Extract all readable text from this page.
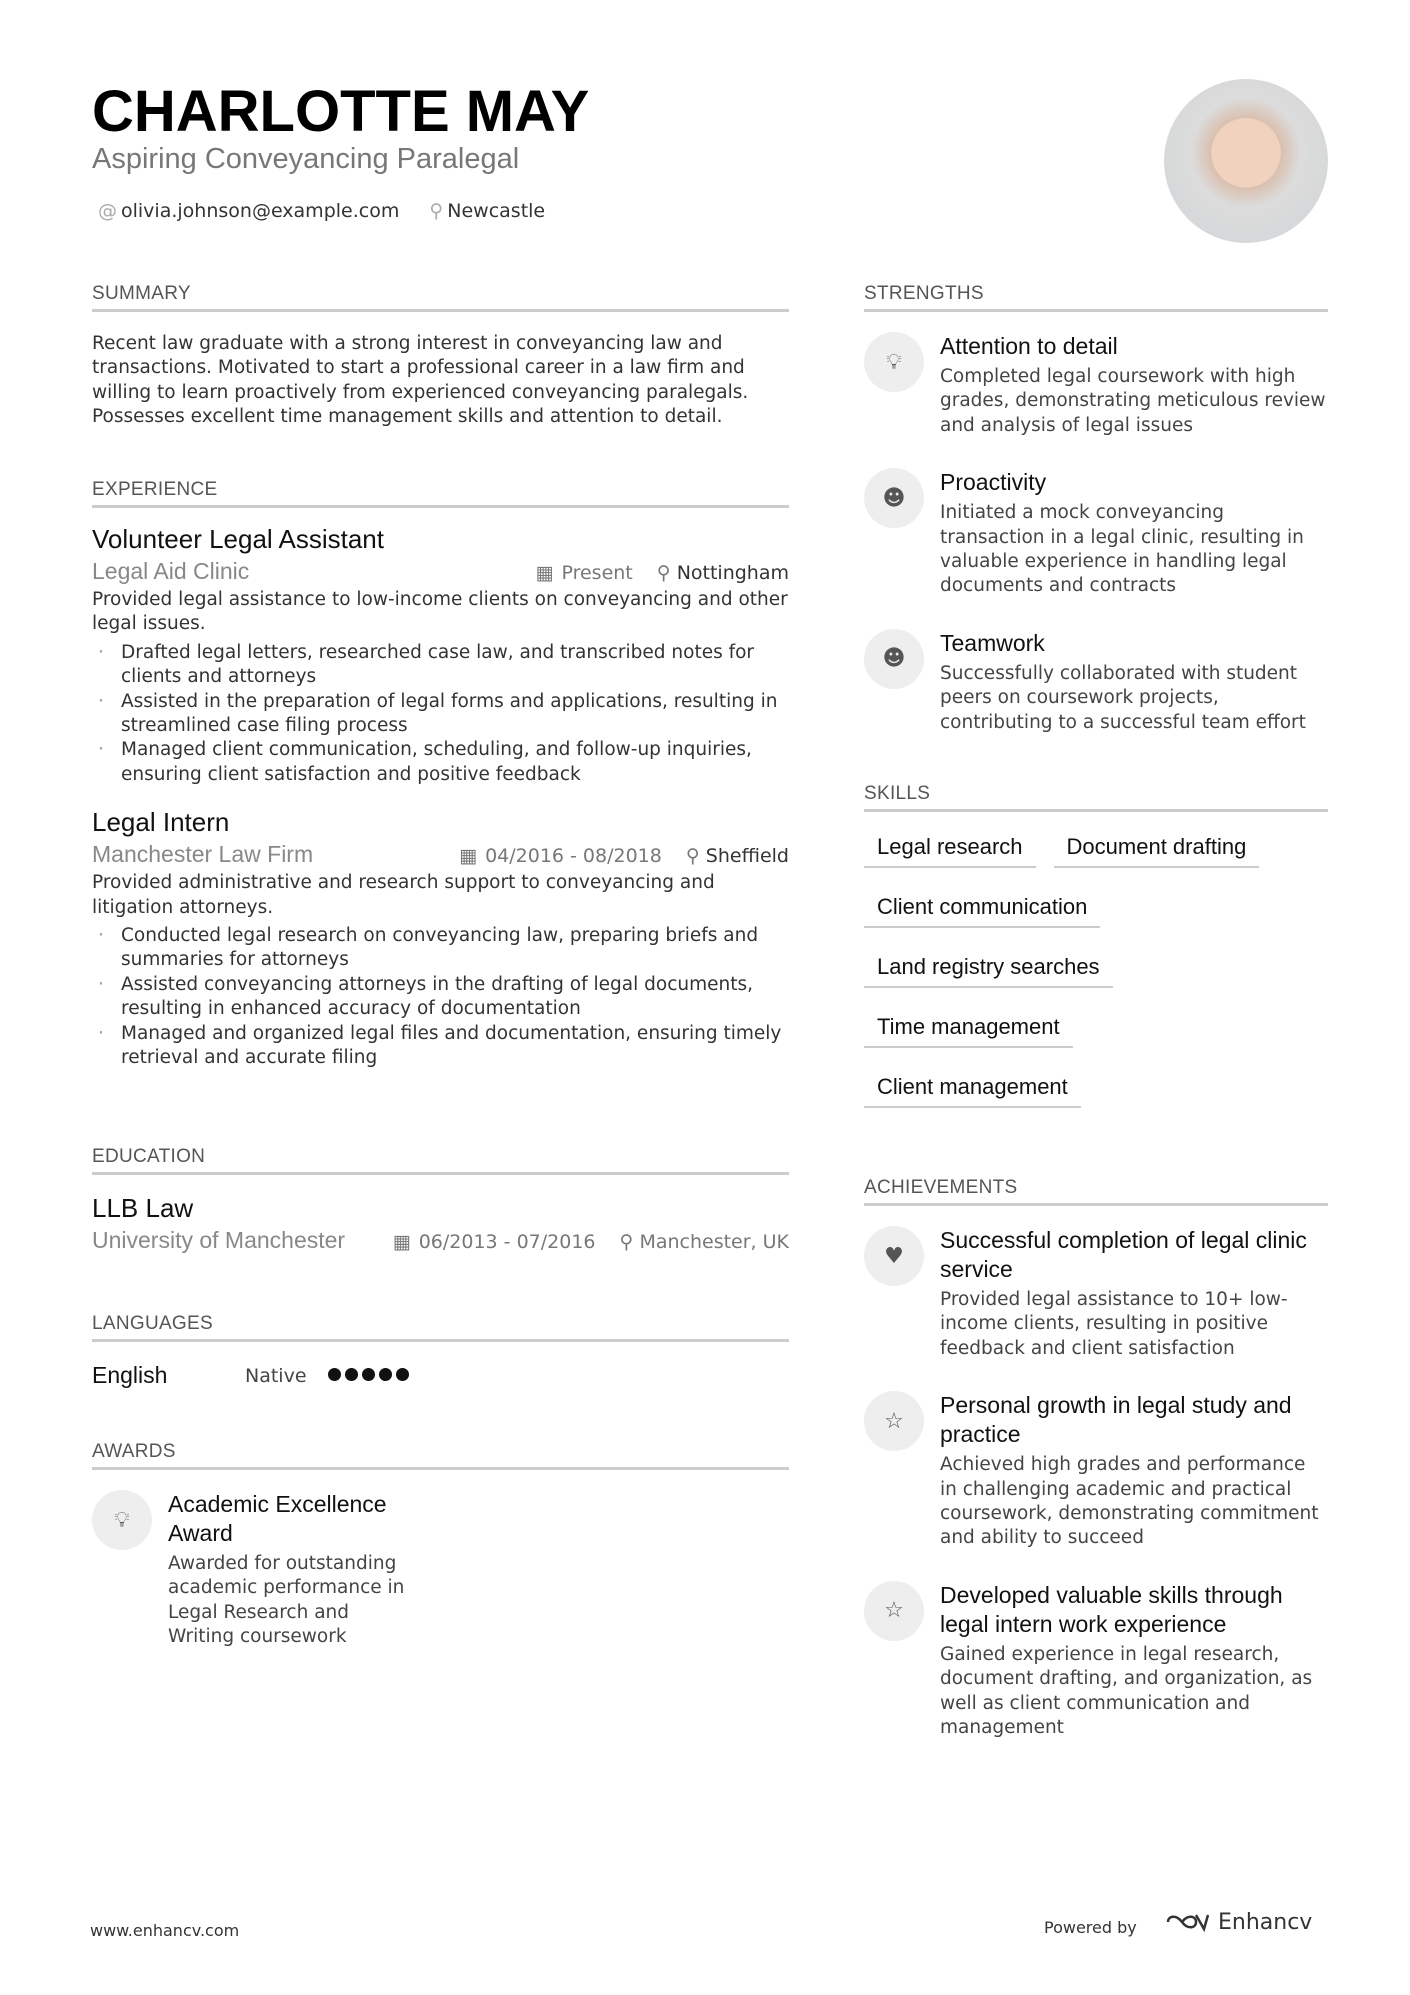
CHARLOTTE MAY
Aspiring Conveyancing Paralegal
@ olivia.johnson@example.com ⚲ Newcastle
SUMMARY
Recent law graduate with a strong interest in conveyancing law and transactions. Motivated to start a professional career in a law firm and willing to learn proactively from experienced conveyancing paralegals. Possesses excellent time management skills and attention to detail.
EXPERIENCE
Volunteer Legal Assistant
Legal Aid Clinic	▦ Present ⚲ Nottingham
Provided legal assistance to low-income clients on conveyancing and other legal issues.
· Drafted legal letters, researched case law, and transcribed notes for clients and attorneys
· Assisted in the preparation of legal forms and applications, resulting in streamlined case filing process
· Managed client communication, scheduling, and follow-up inquiries, ensuring client satisfaction and positive feedback
Legal Intern
Manchester Law Firm	▦ 04/2016 - 08/2018 ⚲ Sheffield
Provided administrative and research support to conveyancing and litigation attorneys.
· Conducted legal research on conveyancing law, preparing briefs and summaries for attorneys
· Assisted conveyancing attorneys in the drafting of legal documents, resulting in enhanced accuracy of documentation
· Managed and organized legal files and documentation, ensuring timely retrieval and accurate filing
EDUCATION
LLB Law
University of Manchester	▦ 06/2013 - 07/2016 ⚲ Manchester, UK
LANGUAGES
English	Native
AWARDS
💡︎
Academic Excellence Award
Awarded for outstanding academic performance in Legal Research and Writing coursework
STRENGTHS
💡︎
Attention to detail
Completed legal coursework with high grades, demonstrating meticulous review and analysis of legal issues
☻
Proactivity
Initiated a mock conveyancing transaction in a legal clinic, resulting in valuable experience in handling legal documents and contracts
☻
Teamwork
Successfully collaborated with student peers on coursework projects, contributing to a successful team effort
SKILLS
Legal research	Document drafting
Client communication
Land registry searches
Time management
Client management
ACHIEVEMENTS
♥
Successful completion of legal clinic service
Provided legal assistance to 10+ low-income clients, resulting in positive feedback and client satisfaction
☆
Personal growth in legal study and practice
Achieved high grades and performance in challenging academic and practical coursework, demonstrating commitment and ability to succeed
☆
Developed valuable skills through legal intern work experience
Gained experience in legal research, document drafting, and organization, as well as client communication and management
www.enhancv.com	Powered by	Enhancv
